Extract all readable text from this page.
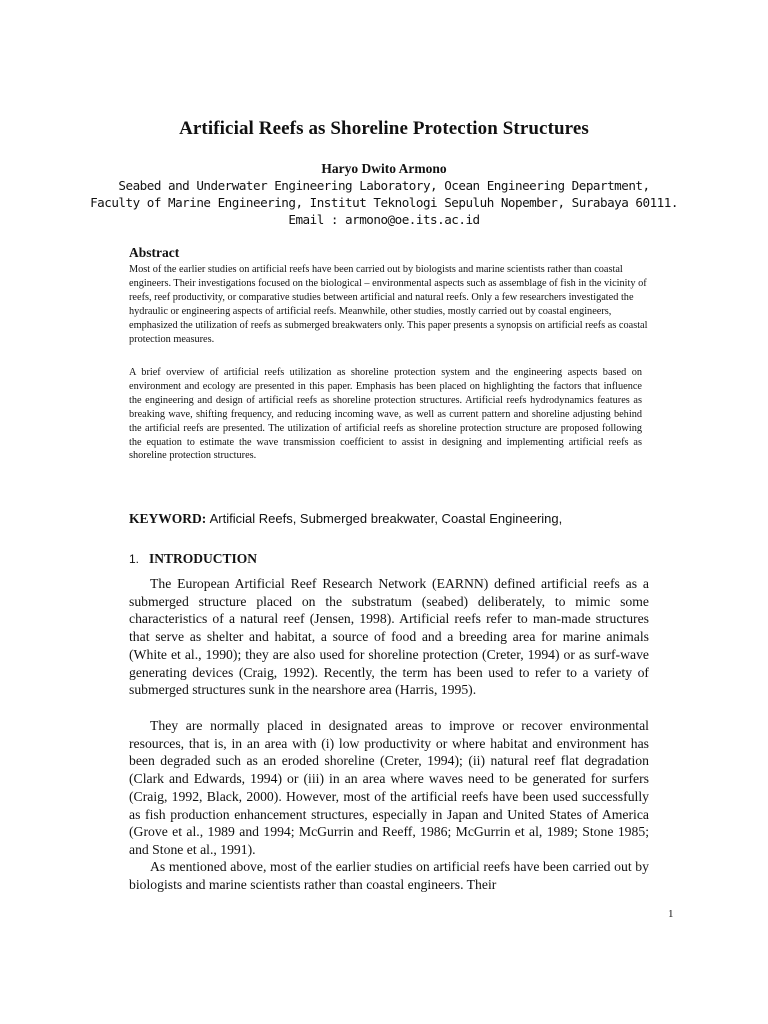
Artificial Reefs as Shoreline Protection Structures
Haryo Dwito Armono
Seabed and Underwater Engineering Laboratory, Ocean Engineering Department,
Faculty of Marine Engineering, Institut Teknologi Sepuluh Nopember, Surabaya 60111.
Email : armono@oe.its.ac.id
Abstract

Most of the earlier studies on artificial reefs have been carried out by biologists and marine scientists rather than coastal engineers. Their investigations focused on the biological – environmental aspects such as assemblage of fish in the vicinity of reefs, reef productivity, or comparative studies between artificial and natural reefs. Only a few researchers investigated the hydraulic or engineering aspects of artificial reefs. Meanwhile, other studies, mostly carried out by coastal engineers, emphasized the utilization of reefs as submerged breakwaters only. This paper presents a synopsis on artificial reefs as coastal protection measures.

A brief overview of artificial reefs utilization as shoreline protection system and the engineering aspects based on environment and ecology are presented in this paper. Emphasis has been placed on highlighting the factors that influence the engineering and design of artificial reefs as shoreline protection structures. Artificial reefs hydrodynamics features as breaking wave, shifting frequency, and reducing incoming wave, as well as current pattern and shoreline adjusting behind the artificial reefs are presented. The utilization of artificial reefs as shoreline protection structure are proposed following the equation to estimate the wave transmission coefficient to assist in designing and implementing artificial reefs as shoreline protection structures.

KEYWORD: Artificial Reefs, Submerged breakwater, Coastal Engineering,
1. INTRODUCTION

The European Artificial Reef Research Network (EARNN) defined artificial reefs as a submerged structure placed on the substratum (seabed) deliberately, to mimic some characteristics of a natural reef (Jensen, 1998). Artificial reefs refer to man-made structures that serve as shelter and habitat, a source of food and a breeding area for marine animals (White et al., 1990); they are also used for shoreline protection (Creter, 1994) or as surf-wave generating devices (Craig, 1992). Recently, the term has been used to refer to a variety of submerged structures sunk in the nearshore area (Harris, 1995).

They are normally placed in designated areas to improve or recover environmental resources, that is, in an area with (i) low productivity or where habitat and environment has been degraded such as an eroded shoreline (Creter, 1994); (ii) natural reef flat degradation (Clark and Edwards, 1994) or (iii) in an area where waves need to be generated for surfers (Craig, 1992, Black, 2000). However, most of the artificial reefs have been used successfully as fish production enhancement structures, especially in Japan and United States of America (Grove et al., 1989 and 1994; McGurrin and Reeff, 1986; McGurrin et al, 1989; Stone 1985; and Stone et al., 1991).

As mentioned above, most of the earlier studies on artificial reefs have been carried out by biologists and marine scientists rather than coastal engineers. Their

1
